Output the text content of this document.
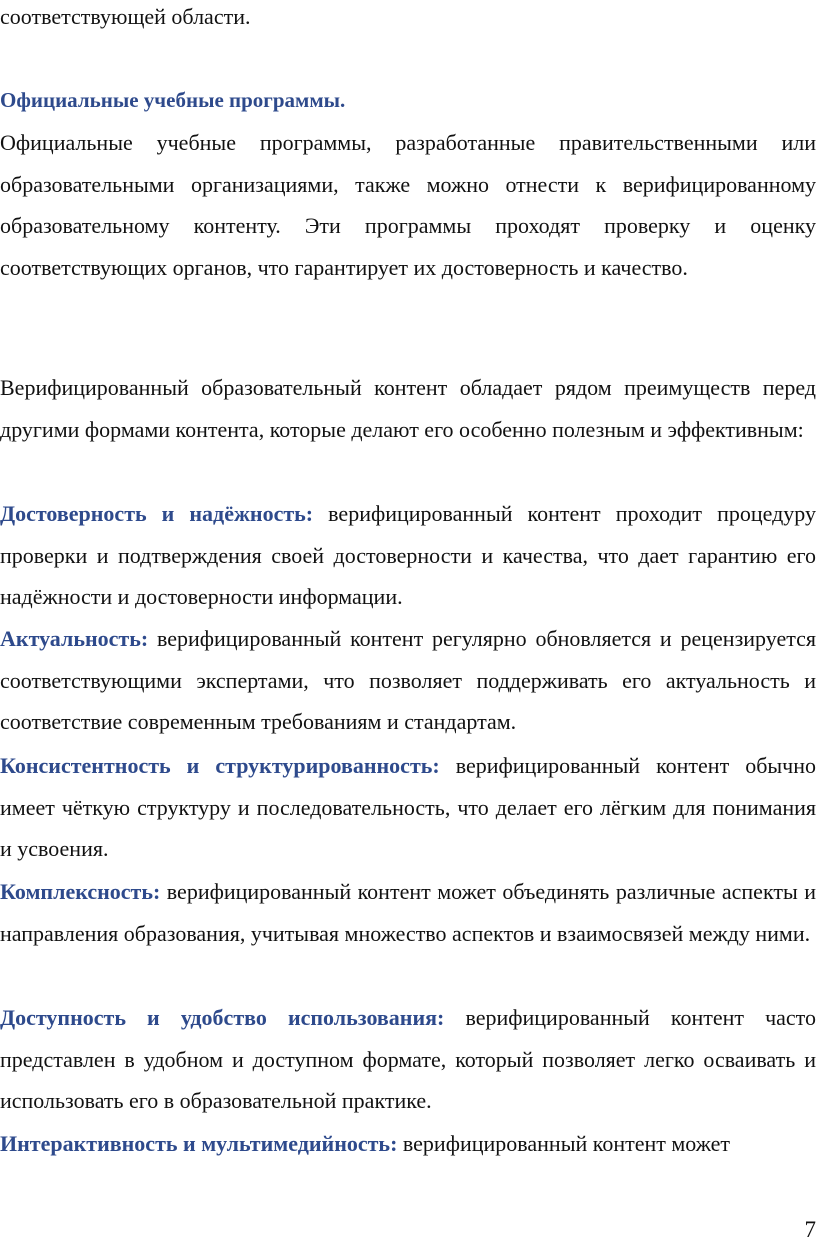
соответствующей области.

Официальные учебные программы.

Официальные учебные программы, разработанные правительственными или образовательными организациями, также можно отнести к верифицированному образовательному контенту. Эти программы проходят проверку и оценку соответствующих органов, что гарантирует их достоверность и качество.

Верифицированный образовательный контент обладает рядом преимуществ перед другими формами контента, которые делают его особенно полезным и эффективным:

Достоверность и надёжность: верифицированный контент проходит процедуру проверки и подтверждения своей достоверности и качества, что дает гарантию его надёжности и достоверности информации.

Актуальность: верифицированный контент регулярно обновляется и рецензируется соответствующими экспертами, что позволяет поддерживать его актуальность и соответствие современным требованиям и стандартам.

Консистентность и структурированность: верифицированный контент обычно имеет чёткую структуру и последовательность, что делает его лёгким для понимания и усвоения.

Комплексность: верифицированный контент может объединять различные аспекты и направления образования, учитывая множество аспектов и взаимосвязей между ними.

Доступность и удобство использования: верифицированный контент часто представлен в удобном и доступном формате, который позволяет легко осваивать и использовать его в образовательной практике.

Интерактивность и мультимедийность: верифицированный контент может

7
